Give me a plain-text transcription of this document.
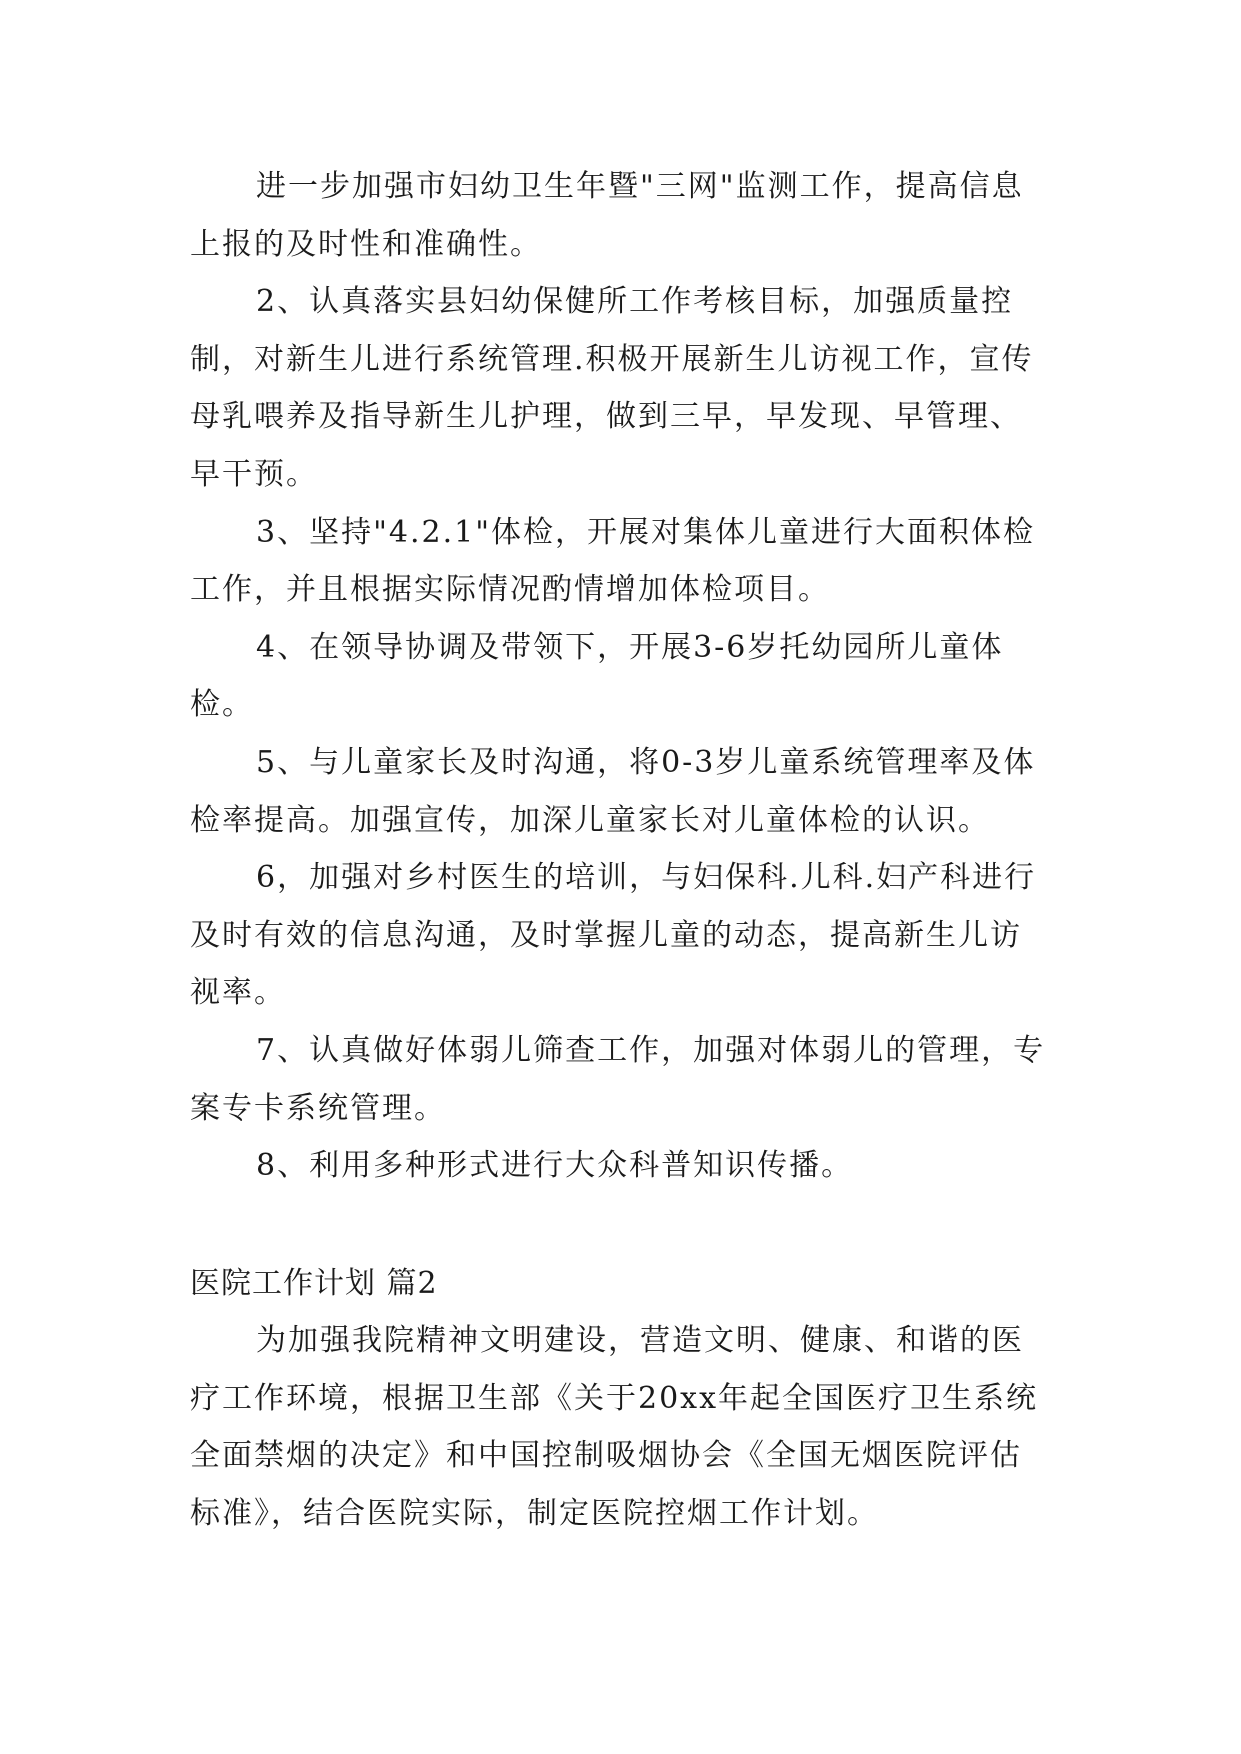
进一步加强市妇幼卫生年暨"三网"监测工作，提高信息上报的及时性和准确性。

2、认真落实县妇幼保健所工作考核目标，加强质量控制，对新生儿进行系统管理.积极开展新生儿访视工作，宣传母乳喂养及指导新生儿护理，做到三早，早发现、早管理、早干预。

3、坚持"4.2.1"体检，开展对集体儿童进行大面积体检工作，并且根据实际情况酌情增加体检项目。

4、在领导协调及带领下，开展3-6岁托幼园所儿童体检。

5、与儿童家长及时沟通，将0-3岁儿童系统管理率及体检率提高。加强宣传，加深儿童家长对儿童体检的认识。

6，加强对乡村医生的培训，与妇保科.儿科.妇产科进行及时有效的信息沟通，及时掌握儿童的动态，提高新生儿访视率。

7、认真做好体弱儿筛查工作，加强对体弱儿的管理，专案专卡系统管理。

8、利用多种形式进行大众科普知识传播。

医院工作计划 篇2

为加强我院精神文明建设，营造文明、健康、和谐的医疗工作环境，根据卫生部《关于20xx年起全国医疗卫生系统全面禁烟的决定》和中国控制吸烟协会《全国无烟医院评估标准》，结合医院实际，制定医院控烟工作计划。
